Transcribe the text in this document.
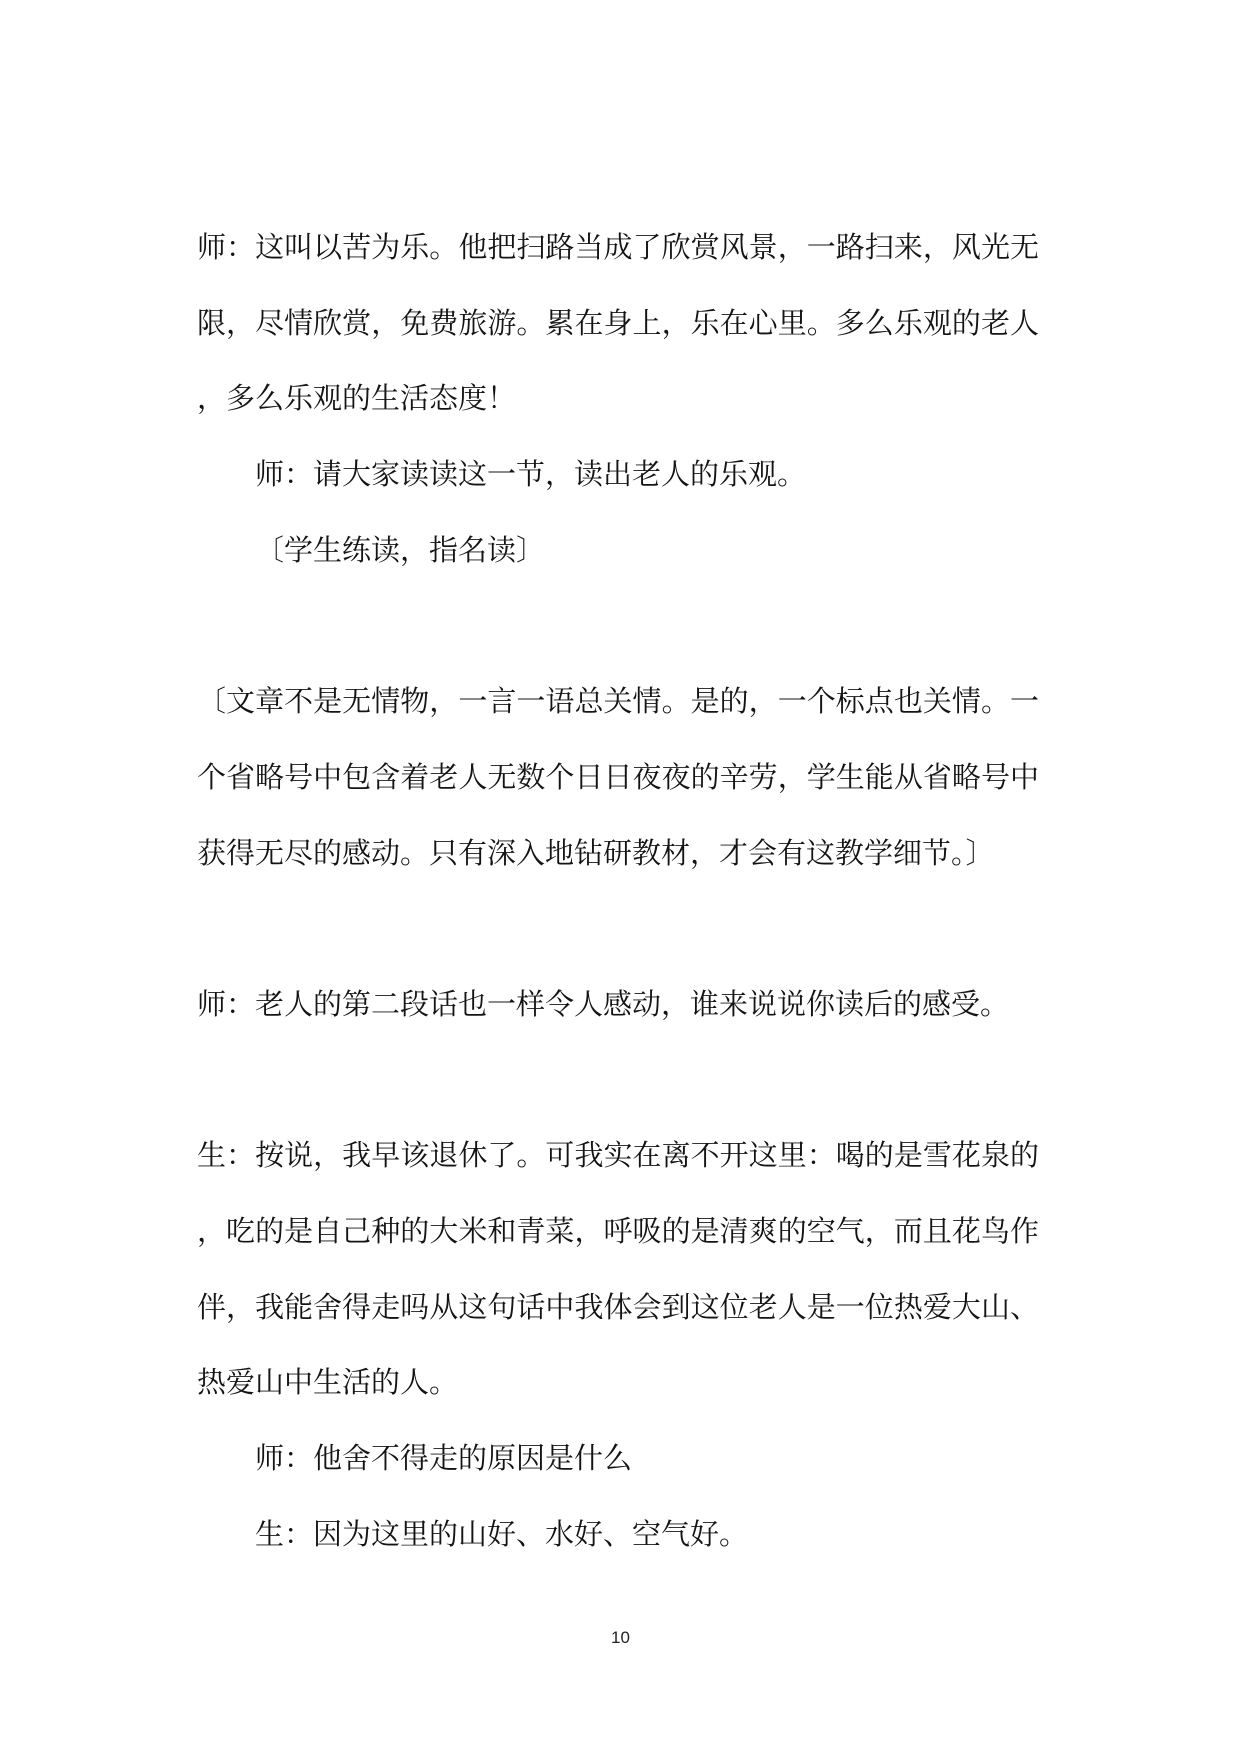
师：这叫以苦为乐。他把扫路当成了欣赏风景，一路扫来，风光无
限，尽情欣赏，免费旅游。累在身上，乐在心里。多么乐观的老人
，多么乐观的生活态度！
师：请大家读读这一节，读出老人的乐观。
〔学生练读，指名读〕
〔文章不是无情物，一言一语总关情。是的，一个标点也关情。一
个省略号中包含着老人无数个日日夜夜的辛劳，学生能从省略号中
获得无尽的感动。只有深入地钻研教材，才会有这教学细节。〕
师：老人的第二段话也一样令人感动，谁来说说你读后的感受。
生：按说，我早该退休了。可我实在离不开这里：喝的是雪花泉的
，吃的是自己种的大米和青菜，呼吸的是清爽的空气，而且花鸟作
伴，我能舍得走吗从这句话中我体会到这位老人是一位热爱大山、
热爱山中生活的人。
师：他舍不得走的原因是什么
生：因为这里的山好、水好、空气好。
10
